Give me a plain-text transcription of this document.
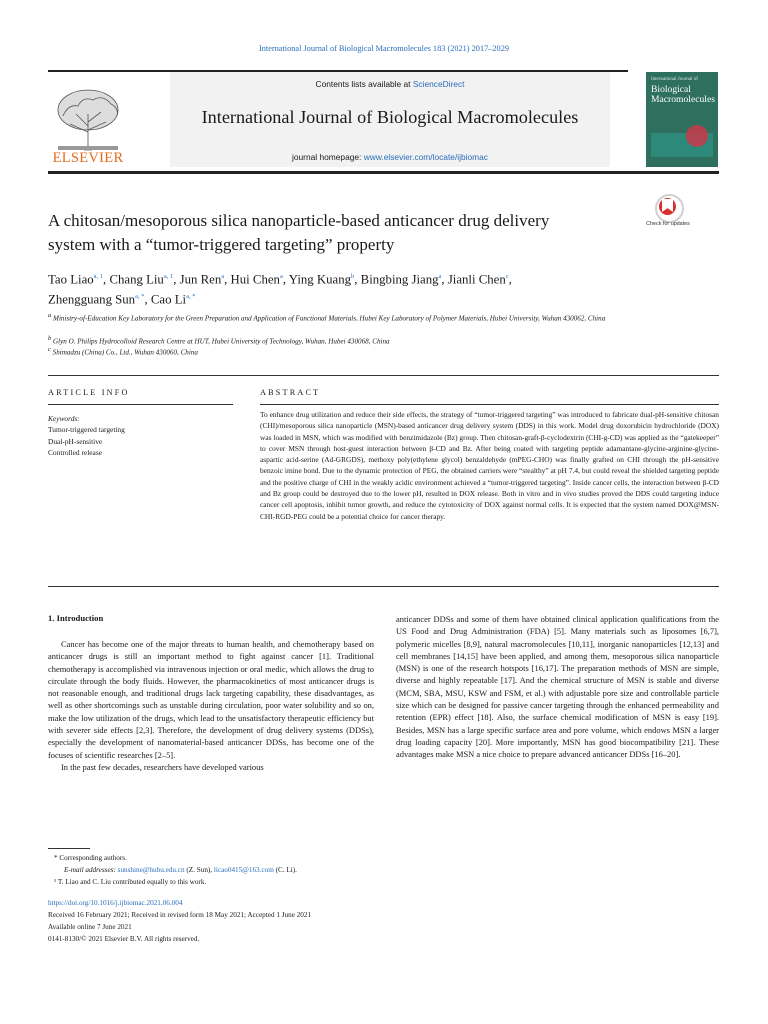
International Journal of Biological Macromolecules 183 (2021) 2017–2029
Contents lists available at ScienceDirect
International Journal of Biological Macromolecules
journal homepage: www.elsevier.com/locate/ijbiomac
ELSEVIER
International Journal of
Biological Macromolecules
A chitosan/mesoporous silica nanoparticle-based anticancer drug delivery
system with a “tumor-triggered targeting” property
Check for updates
Tao Liao$^{a, 1}$, Chang Liu$^{a, 1}$, Jun Ren$^a$, Hui Chen$^a$, Ying Kuang$^b$, Bingbing Jiang$^a$, Jianli Chen$^c$,
Zhengguang Sun$^{a, *}$, Cao $Li^{a, *}$
$^a$ Ministry-of-Education Key Laboratory for the Green Preparation and Application of Functional Materials, Hubei Key Laboratory of Polymer Materials, Hubei University, Wuhan 430062, China
$^b$ Glyn O. Philips Hydrocolloid Research Centre at HUT, Hubei University of Technology, Wuhan, Hubei 430068, China
$^c$ Shimadzu (China) Co., Ltd., Wuhan 430060, China
ARTICLE INFO	ABSTRACT
Keywords:
Tumor-triggered targeting
Dual-pH-sensitive
Controlled release
To enhance drug utilization and reduce their side effects, the strategy of “tumor-triggered targeting” was introduced to fabricate dual-pH-sensitive chitosan (CHI)/mesoporous silica nanoparticle (MSN)-based anticancer drug delivery system (DDS) in this work. Model drug doxorubicin hydrochloride (DOX) was loaded in MSN, which was modified with benzimidazole (Bz) group. Then chitosan-graft-β-cyclodextrin (CHI-g-CD) was applied as the “gatekeeper” to cover MSN through host-guest interaction between β-CD and Bz. After being coated with targeting peptide adamantane-glycine-arginine-glycine-aspartic acid-serine (Ad-GRGDS), methoxy poly(ethylene glycol) benzaldehyde (mPEG-CHO) was finally grafted on CHI through the pH-sensitive benzoic imine bond. Due to the dynamic protection of PEG, the obtained carriers were “stealthy” at pH 7.4, but could reveal the shielded targeting peptide and the positive charge of CHI in the weakly acidic environment achieved a “tumor-triggered targeting”. Inside cancer cells, the interaction between β-CD and Bz group could be destroyed due to the lower pH, resulted in DOX release. Both in vitro and in vivo studies proved the DDS could targeting induce cancer cell apoptosis, inhibit tumor growth, and reduce the cytotoxicity of DOX against normal cells. It is expected that the system named DOX@MSN-CHI-RGD-PEG could be a potential choice for cancer therapy.
1. Introduction

Cancer has become one of the major threats to human health, and chemotherapy based on anticancer drugs is still an important method to fight against cancer [1]. Traditional chemotherapy is accomplished via intravenous injection or oral medic, which allows the drug to circulate through the body fluids. However, the pharmacokinetics of most anticancer drugs is not reasonable enough, and traditional drugs lack targeting capability, these disadvantages, as well as other shortcomings such as unstable during circulation, poor water solubility and so on, make the low utilization of the drugs, which lead to the unsatisfactory therapeutic efficiency but with severer side effects [2,3]. Therefore, the development of drug delivery systems (DDSs), especially the development of nanomaterial-based anticancer DDSs, has become one of the focuses of scientific researches [2–5].

In the past few decades, researchers have developed various

anticancer DDSs and some of them have obtained clinical application qualifications from the US Food and Drug Administration (FDA) [5]. Many materials such as liposomes [6,7], polymeric micelles [8,9], natural macromolecules [10,11], inorganic nanoparticles [12,13] and cell membranes [14,15] have been applied, and among them, mesoporous silica nanoparticle (MSN) is one of the research hotspots [16,17]. The preparation methods of MSN are simple, diverse and highly repeatable [17]. And the chemical structure of MSN is stable and diverse (MCM, SBA, MSU, KSW and FSM, et al.) with adjustable pore size and controllable particle size which can be designed for passive cancer targeting through the enhanced permeability and retention (EPR) effect [18]. Also, the surface chemical modification of MSN is easy [19]. Besides, MSN has a large specific surface area and pore volume, which endows MSN a larger drug loading capacity [20]. More importantly, MSN has good biocompatibility [21]. These advantages make MSN a nice choice to prepare advanced anticancer DDSs [16–20].

* Corresponding authors.
E-mail addresses: sunshine@hubu.edu.cn (Z. Sun), licao0415@163.com (C. Li).
¹ T. Liao and C. Liu contributed equally to this work.
https://doi.org/10.1016/j.ijbiomac.2021.06.004
Received 16 February 2021; Received in revised form 18 May 2021; Accepted 1 June 2021
Available online 7 June 2021
0141-8130/© 2021 Elsevier B.V. All rights reserved.
